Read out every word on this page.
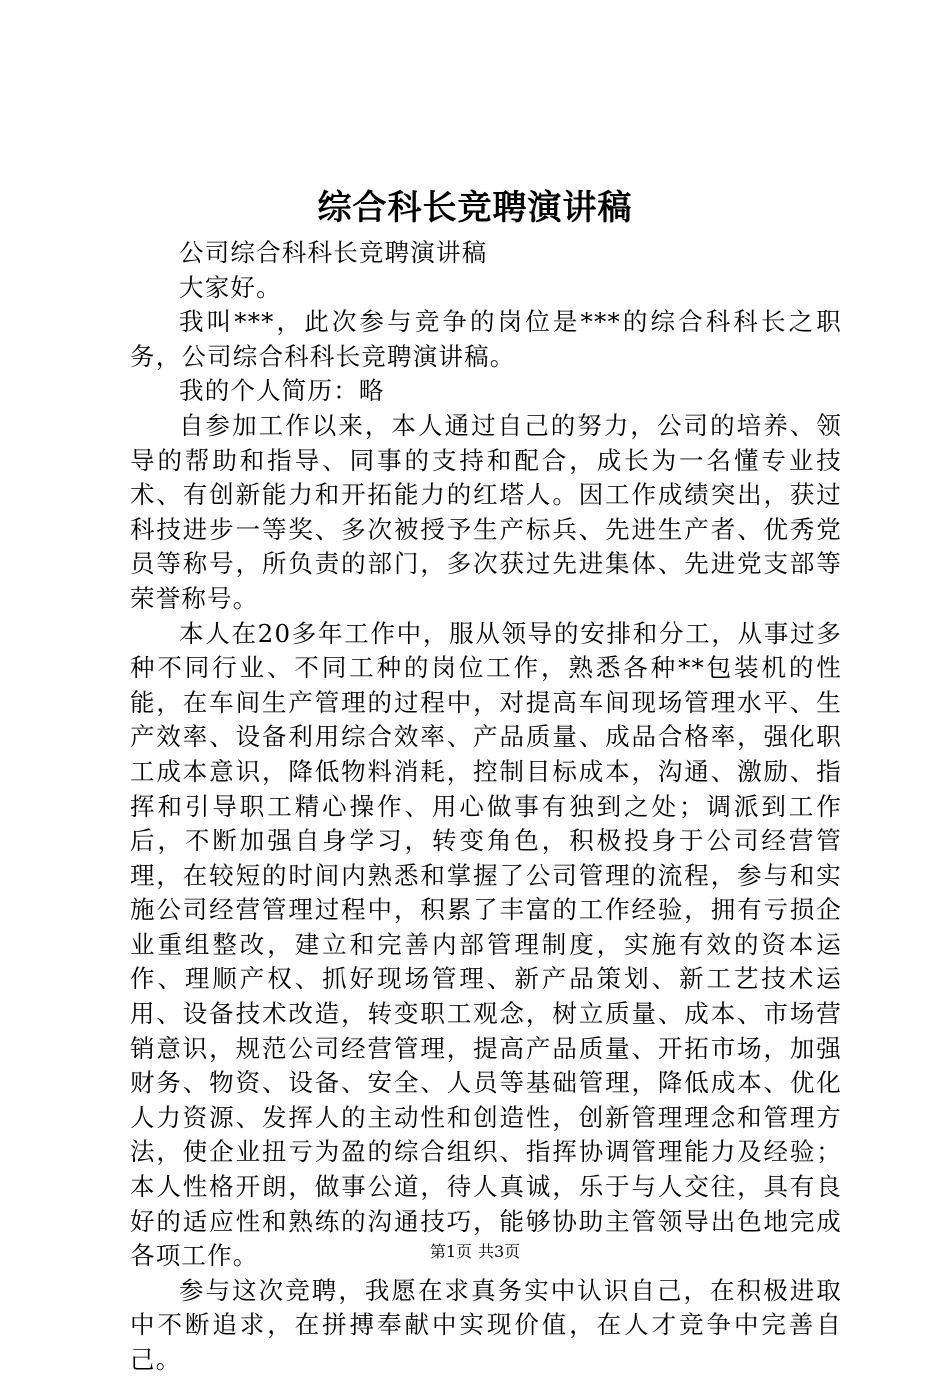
综合科长竞聘演讲稿

公司综合科科长竞聘演讲稿

大家好。

我叫***，此次参与竞争的岗位是***的综合科科长之职务，公司综合科科长竞聘演讲稿。

我的个人简历：略

自参加工作以来，本人通过自己的努力，公司的培养、领导的帮助和指导、同事的支持和配合，成长为一名懂专业技术、有创新能力和开拓能力的红塔人。因工作成绩突出，获过科技进步一等奖、多次被授予生产标兵、先进生产者、优秀党员等称号，所负责的部门，多次获过先进集体、先进党支部等荣誉称号。

本人在20多年工作中，服从领导的安排和分工，从事过多种不同行业、不同工种的岗位工作，熟悉各种**包装机的性能，在车间生产管理的过程中，对提高车间现场管理水平、生产效率、设备利用综合效率、产品质量、成品合格率，强化职工成本意识，降低物料消耗，控制目标成本，沟通、激励、指挥和引导职工精心操作、用心做事有独到之处；调派到工作后，不断加强自身学习，转变角色，积极投身于公司经营管理，在较短的时间内熟悉和掌握了公司管理的流程，参与和实施公司经营管理过程中，积累了丰富的工作经验，拥有亏损企业重组整改，建立和完善内部管理制度，实施有效的资本运作、理顺产权、抓好现场管理、新产品策划、新工艺技术运用、设备技术改造，转变职工观念，树立质量、成本、市场营销意识，规范公司经营管理，提高产品质量、开拓市场，加强财务、物资、设备、安全、人员等基础管理，降低成本、优化人力资源、发挥人的主动性和创造性，创新管理理念和管理方法，使企业扭亏为盈的综合组织、指挥协调管理能力及经验；本人性格开朗，做事公道，待人真诚，乐于与人交往，具有良好的适应性和熟练的沟通技巧，能够协助主管领导出色地完成各项工作。

参与这次竞聘，我愿在求真务实中认识自己，在积极进取中不断追求，在拼搏奉献中实现价值，在人才竞争中完善自己。

第1页 共3页
